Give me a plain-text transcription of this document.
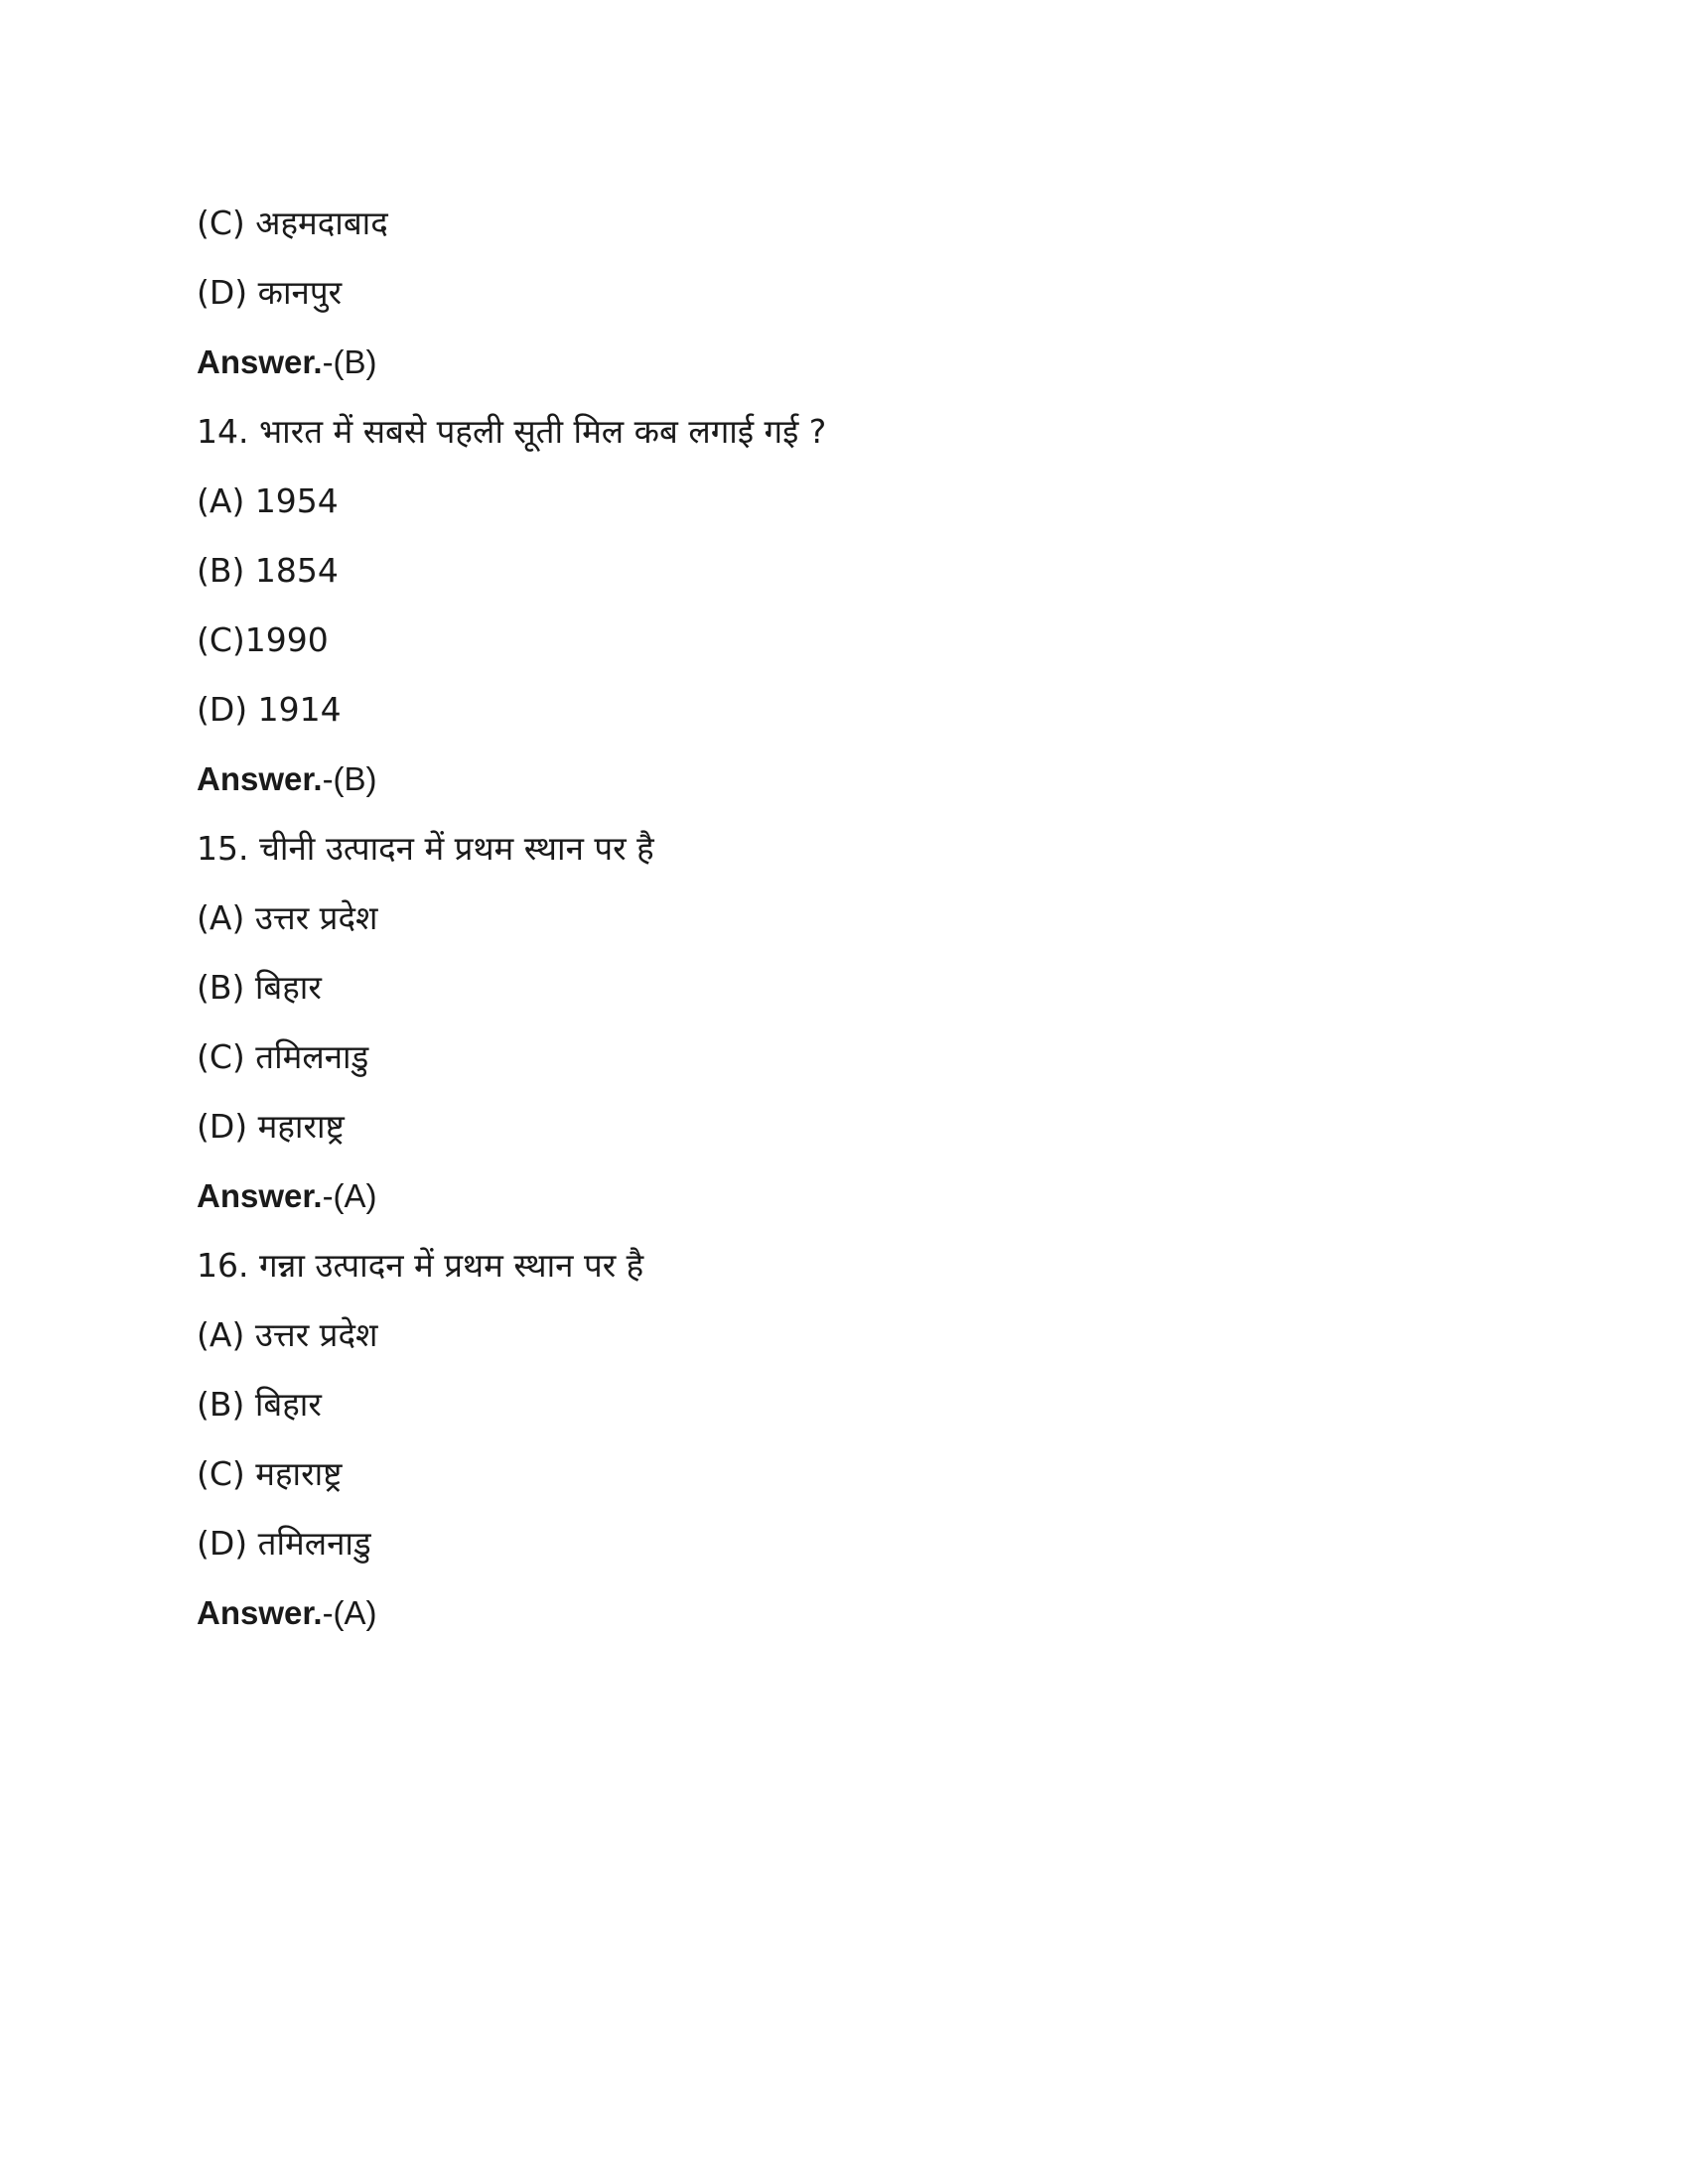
(C) अहमदाबाद
(D) कानपुर
Answer.-(B)
14. भारत में सबसे पहली सूती मिल कब लगाई गई ?
(A) 1954
(B) 1854
(C)1990
(D) 1914
Answer.-(B)
15. चीनी उत्पादन में प्रथम स्थान पर है
(A) उत्तर प्रदेश
(B) बिहार
(C) तमिलनाडु
(D) महाराष्ट्र
Answer.-(A)
16. गन्ना उत्पादन में प्रथम स्थान पर है
(A) उत्तर प्रदेश
(B) बिहार
(C) महाराष्ट्र
(D) तमिलनाडु
Answer.-(A)
